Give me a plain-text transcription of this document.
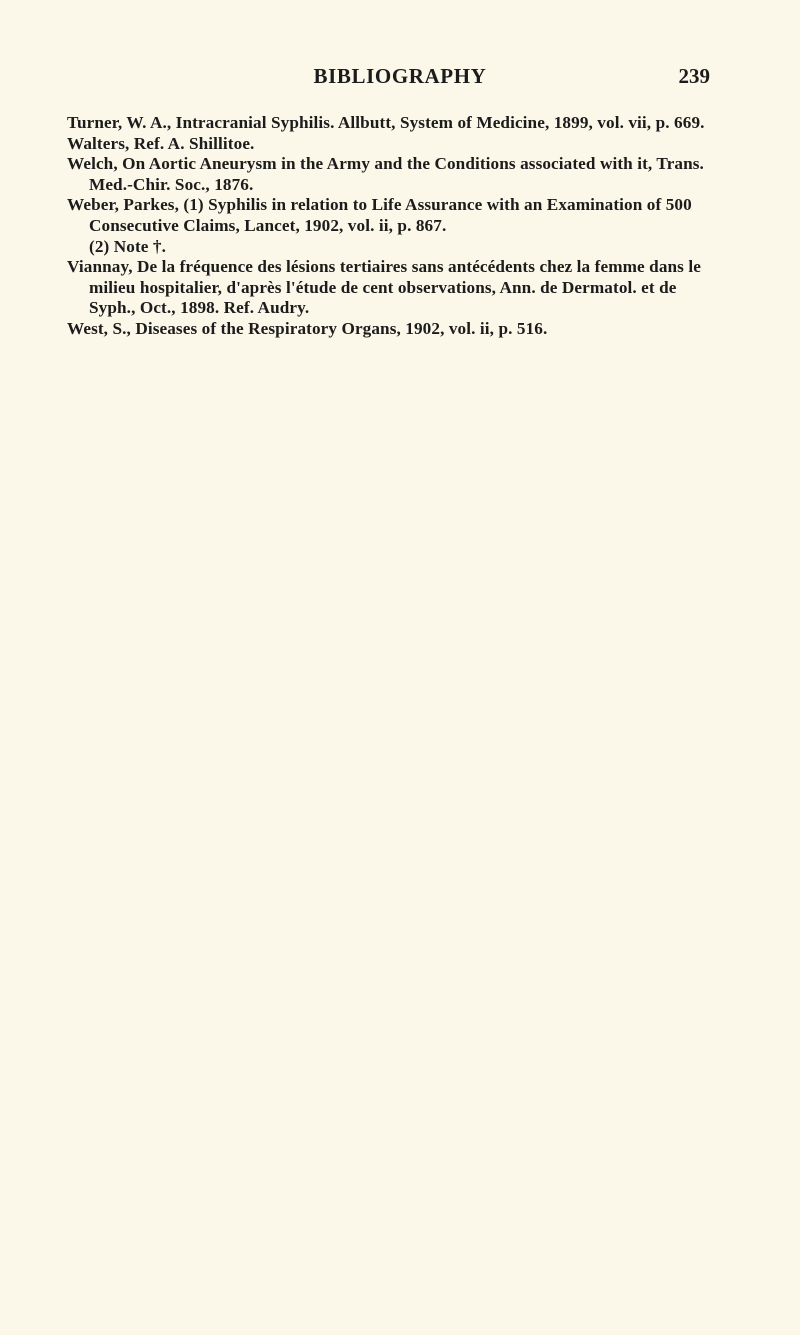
BIBLIOGRAPHY	239

Turner, W. A., Intracranial Syphilis. Allbutt, System of Medicine, 1899, vol. vii, p. 669.

Walters, Ref. A. Shillitoe.

Welch, On Aortic Aneurysm in the Army and the Conditions associated with it, Trans. Med.-Chir. Soc., 1876.

Weber, Parkes, (1) Syphilis in relation to Life Assurance with an Examination of 500 Consecutive Claims, Lancet, 1902, vol. ii, p. 867.

(2) Note †.

Viannay, De la fréquence des lésions tertiaires sans antécédents chez la femme dans le milieu hospitalier, d'après l'étude de cent observations, Ann. de Dermatol. et de Syph., Oct., 1898. Ref. Audry.

West, S., Diseases of the Respiratory Organs, 1902, vol. ii, p. 516.
